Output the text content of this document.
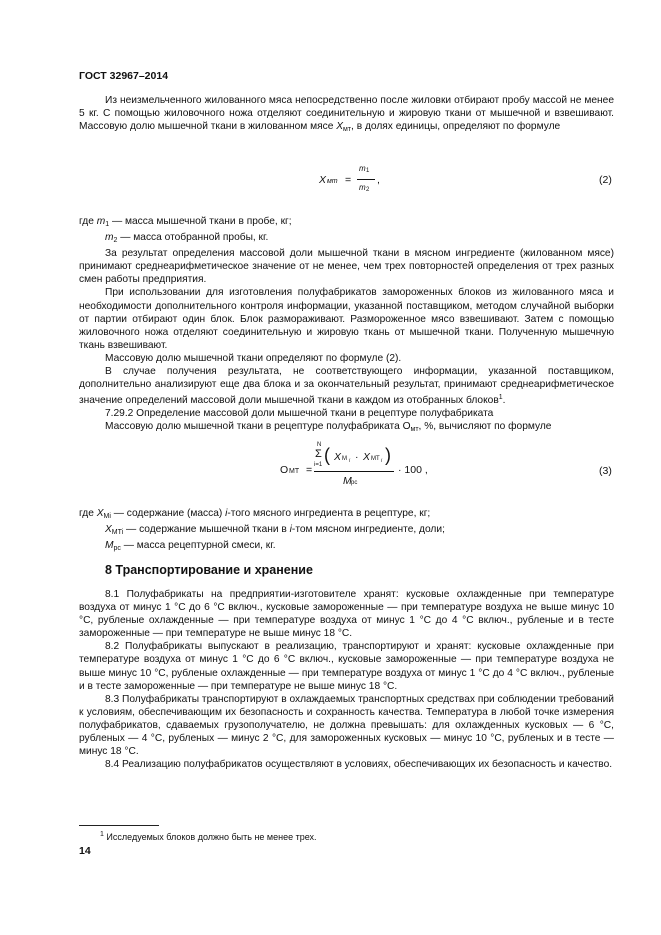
ГОСТ 32967–2014

Из неизмельченного жилованного мяса непосредственно после жиловки отбирают пробу массой не менее 5 кг. С помощью жиловочного ножа отделяют соединительную и жировую ткани от мышечной и взвешивают. Массовую долю мышечной ткани в жилованном мясе $X_{мт}$, в долях единицы, определяют по формуле

X мт =
m 1
m 2
,	(2)

где $m_1$ — масса мышечной ткани в пробе, кг;

$m_2$ — масса отобранной пробы, кг.

За результат определения массовой доли мышечной ткани в мясном ингредиенте (жилованном мясе) принимают среднеарифметическое значение от не менее, чем трех повторностей определения от трех разных смен работы предприятия.

При использовании для изготовления полуфабрикатов замороженных блоков из жилованного мяса и необходимости дополнительного контроля информации, указанной поставщиком, методом случайной выборки от партии отбирают один блок. Блок размораживают. Размороженное мясо взвешивают. Затем с помощью жиловочного ножа отделяют соединительную и жировую ткань от мышечной ткани. Полученную мышечную ткань взвешивают.

Массовую долю мышечной ткани определяют по формуле (2).

В случае получения результата, не соответствующего информации, указанной поставщиком, дополнительно анализируют еще два блока и за окончательный результат, принимают среднеарифметическое значение определений массовой доли мышечной ткани в каждом из отобранных блоков$^1$.

7.29.2 Определение массовой доли мышечной ткани в рецептуре полуфабриката

Массовую долю мышечной ткани в рецептуре полуфабриката $О_{мт}$, %, вычисляют по формуле

О МТ =
N
Σ
i=1 ( X M i · X MT i )
M рс
· 100 ,	(3)

где $X_{Mi}$ — содержание (масса) i-того мясного ингредиента в рецептуре, кг;

$X_{MTi}$ — содержание мышечной ткани в i-том мясном ингредиенте, доли;

$M_{рс}$ — масса рецептурной смеси, кг.

8 Транспортирование и хранение

8.1 Полуфабрикаты на предприятии-изготовителе хранят: кусковые охлажденные при температуре воздуха от минус 1 °С до 6 °С включ., кусковые замороженные — при температуре воздуха не выше минус 10 °С, рубленые охлажденные — при температуре воздуха от минус 1 °С до 4 °С включ., рубленые и в тесте замороженные — при температуре не выше минус 18 °С.

8.2 Полуфабрикаты выпускают в реализацию, транспортируют и хранят: кусковые охлажденные при температуре воздуха от минус 1 °С до 6 °С включ., кусковые замороженные — при температуре воздуха не выше минус 10 °С, рубленые охлажденные — при температуре воздуха от минус 1 °С до 4 °С включ., рубленые и в тесте замороженные — при температуре не выше минус 18 °С.

8.3 Полуфабрикаты транспортируют в охлаждаемых транспортных средствах при соблюдении требований к условиям, обеспечивающим их безопасность и сохранность качества. Температура в любой точке измерения полуфабрикатов, сдаваемых грузополучателю, не должна превышать: для охлажденных кусковых — 6 °С, рубленых — 4 °С, рубленых — минус 2 °С, для замороженных кусковых — минус 10 °С, рубленых и в тесте — минус 18 °С.

8.4 Реализацию полуфабрикатов осуществляют в условиях, обеспечивающих их безопасность и качество.

$^1$ Исследуемых блоков должно быть не менее трех.
14
